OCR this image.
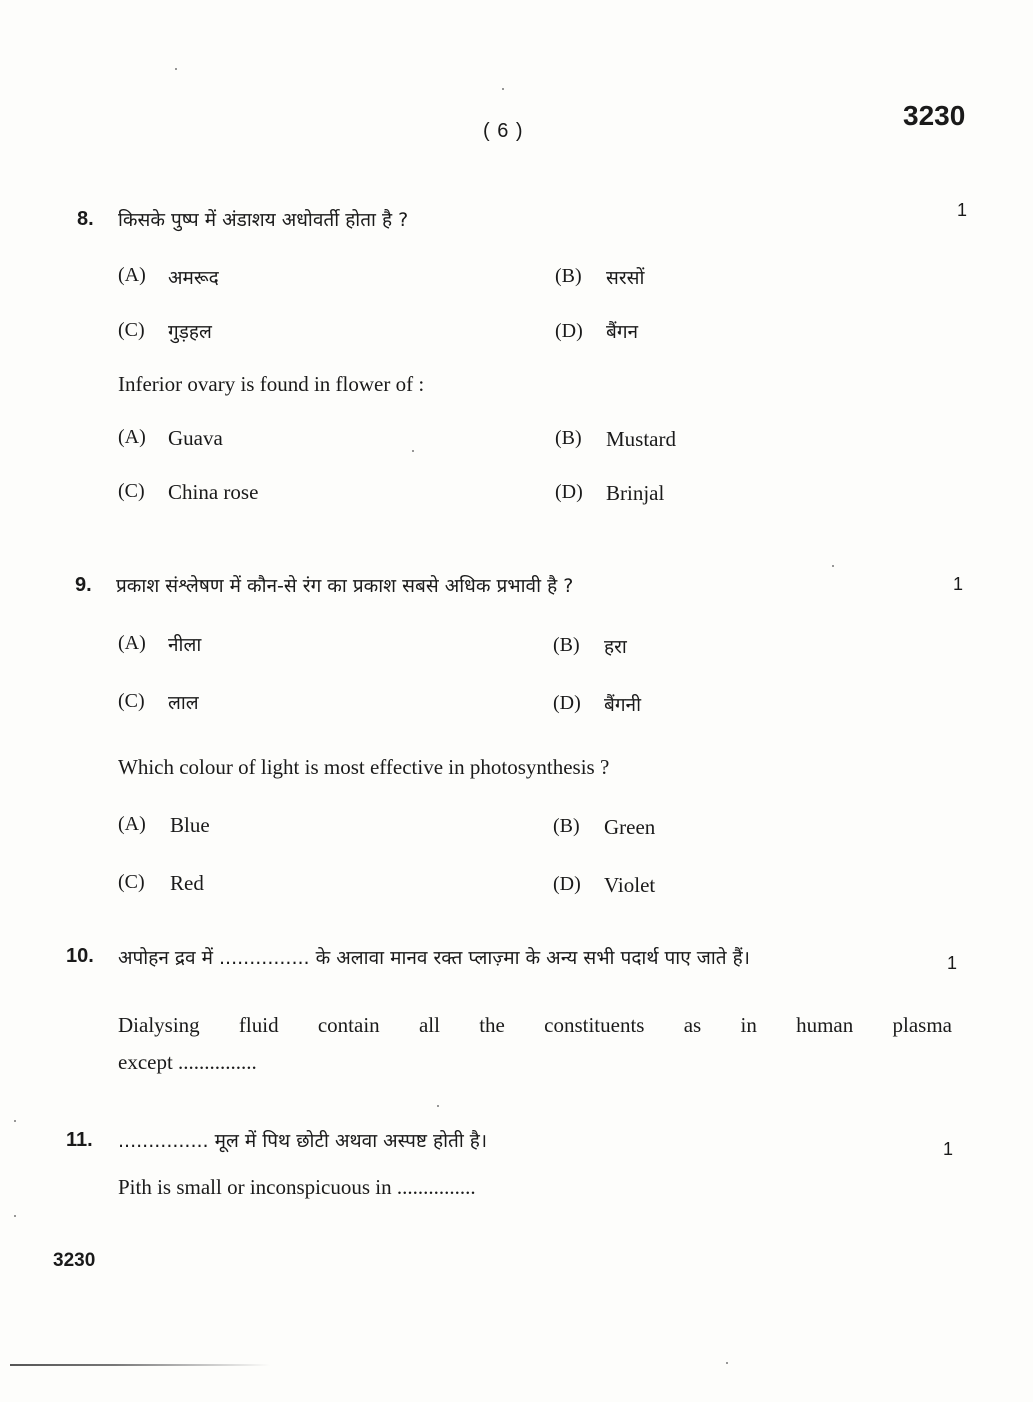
( 6 )	3230
8. किसके पुष्प में अंडाशय अधोवर्ती होता है ?	1
(A) अमरूद	(B) सरसों
(C) गुड़हल	(D) बैंगन
Inferior ovary is found in flower of :
(A) Guava	(B) Mustard
(C) China rose	(D) Brinjal
9. प्रकाश संश्लेषण में कौन-से रंग का प्रकाश सबसे अधिक प्रभावी है ?	1
(A) नीला	(B) हरा
(C) लाल	(D) बैंगनी
Which colour of light is most effective in photosynthesis ?
(A) Blue	(B) Green
(C) Red	(D) Violet
10. अपोहन द्रव में ............... के अलावा मानव रक्त प्लाज़्मा के अन्य सभी पदार्थ पाए जाते हैं।	1
Dialysing fluid contain all the constituents as in human plasma
except ...............
11. ............... मूल में पिथ छोटी अथवा अस्पष्ट होती है।	1
Pith is small or inconspicuous in ...............
3230
